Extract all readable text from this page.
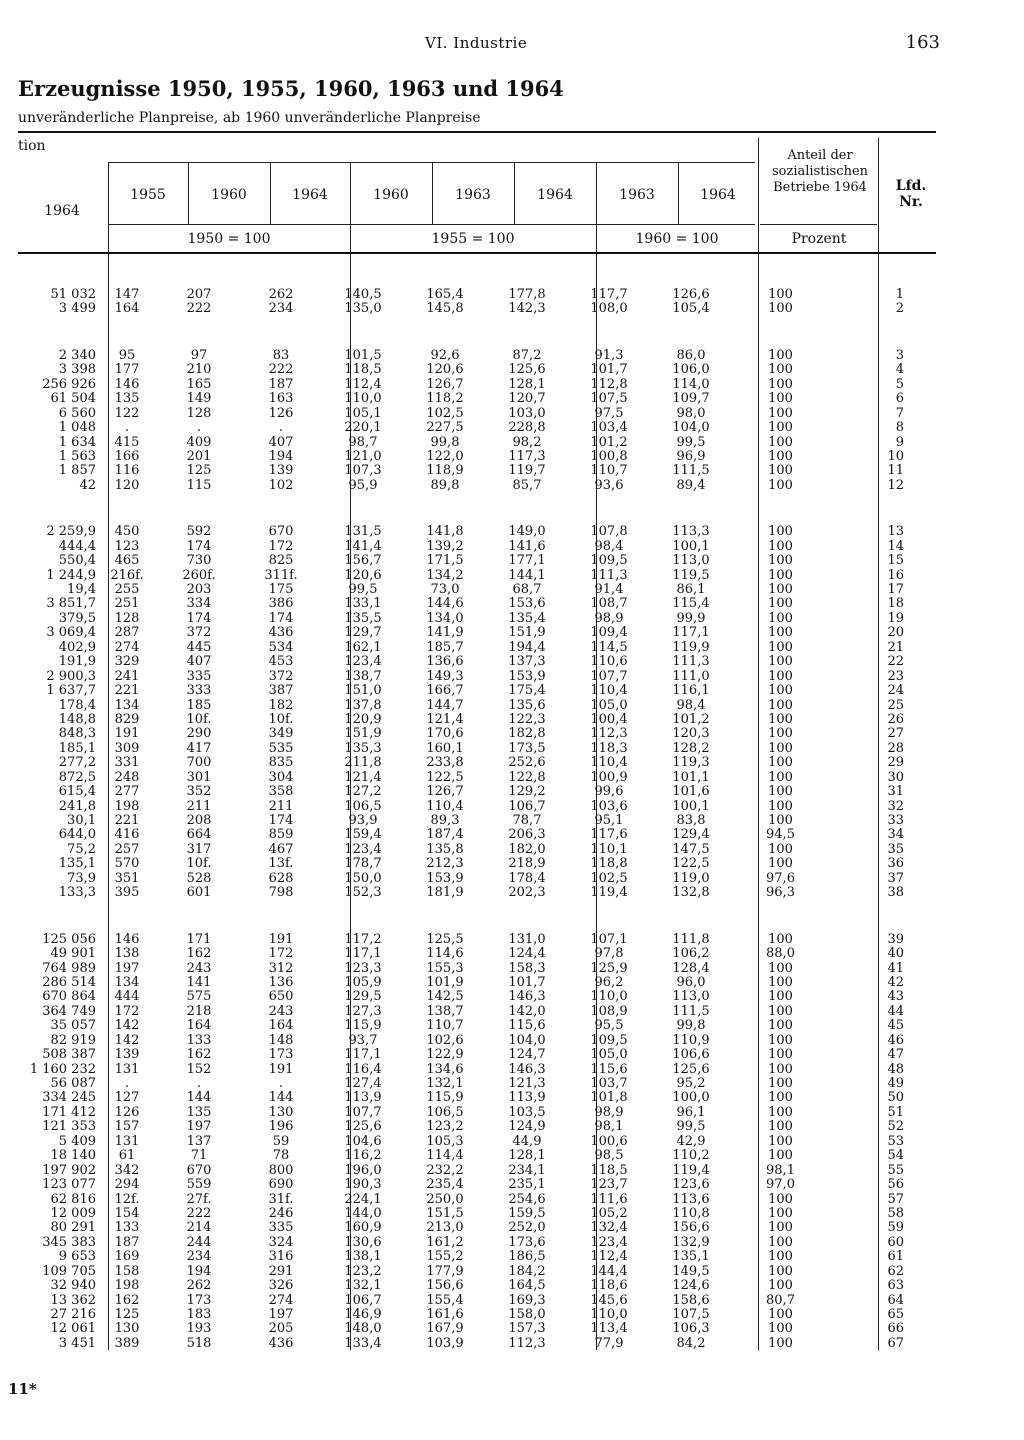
VI. Industrie	163
Erzeugnisse 1950, 1955, 1960, 1963 und 1964
unveränderliche Planpreise, ab 1960 unveränderliche Planpreise
tion
1964
1955	1960	1964	1960	1963	1964	1963	1964
1950 = 100	1955 = 100	1960 = 100
Anteil der sozialistischen Betriebe 1964
Prozent
Lfd. Nr.
51 032	147	207	262	140,5	165,4	177,8	117,7	126,6	100	1
3 499	164	222	234	135,0	145,8	142,3	108,0	105,4	100	2

2 340	95	97	83	101,5	92,6	87,2	91,3	86,0	100	3
3 398	177	210	222	118,5	120,6	125,6	101,7	106,0	100	4
256 926	146	165	187	112,4	126,7	128,1	112,8	114,0	100	5
61 504	135	149	163	110,0	118,2	120,7	107,5	109,7	100	6
6 560	122	128	126	105,1	102,5	103,0	97,5	98,0	100	7
1 048	.	.	.	220,1	227,5	228,8	103,4	104,0	100	8
1 634	415	409	407	98,7	99,8	98,2	101,2	99,5	100	9
1 563	166	201	194	121,0	122,0	117,3	100,8	96,9	100	10
1 857	116	125	139	107,3	118,9	119,7	110,7	111,5	100	11
42	120	115	102	95,9	89,8	85,7	93,6	89,4	100	12

2 259,9	450	592	670	131,5	141,8	149,0	107,8	113,3	100	13
444,4	123	174	172	141,4	139,2	141,6	98,4	100,1	100	14
550,4	465	730	825	156,7	171,5	177,1	109,5	113,0	100	15
1 244,9	216f.	260f.	311f.	120,6	134,2	144,1	111,3	119,5	100	16
19,4	255	203	175	99,5	73,0	68,7	91,4	86,1	100	17
3 851,7	251	334	386	133,1	144,6	153,6	108,7	115,4	100	18
379,5	128	174	174	135,5	134,0	135,4	98,9	99,9	100	19
3 069,4	287	372	436	129,7	141,9	151,9	109,4	117,1	100	20
402,9	274	445	534	162,1	185,7	194,4	114,5	119,9	100	21
191,9	329	407	453	123,4	136,6	137,3	110,6	111,3	100	22
2 900,3	241	335	372	138,7	149,3	153,9	107,7	111,0	100	23
1 637,7	221	333	387	151,0	166,7	175,4	110,4	116,1	100	24
178,4	134	185	182	137,8	144,7	135,6	105,0	98,4	100	25
148,8	829	10f.	10f.	120,9	121,4	122,3	100,4	101,2	100	26
848,3	191	290	349	151,9	170,6	182,8	112,3	120,3	100	27
185,1	309	417	535	135,3	160,1	173,5	118,3	128,2	100	28
277,2	331	700	835	211,8	233,8	252,6	110,4	119,3	100	29
872,5	248	301	304	121,4	122,5	122,8	100,9	101,1	100	30
615,4	277	352	358	127,2	126,7	129,2	99,6	101,6	100	31
241,8	198	211	211	106,5	110,4	106,7	103,6	100,1	100	32
30,1	221	208	174	93,9	89,3	78,7	95,1	83,8	100	33
644,0	416	664	859	159,4	187,4	206,3	117,6	129,4	94,5	34
75,2	257	317	467	123,4	135,8	182,0	110,1	147,5	100	35
135,1	570	10f.	13f.	178,7	212,3	218,9	118,8	122,5	100	36
73,9	351	528	628	150,0	153,9	178,4	102,5	119,0	97,6	37
133,3	395	601	798	152,3	181,9	202,3	119,4	132,8	96,3	38

125 056	146	171	191	117,2	125,5	131,0	107,1	111,8	100	39
49 901	138	162	172	117,1	114,6	124,4	97,8	106,2	88,0	40
764 989	197	243	312	123,3	155,3	158,3	125,9	128,4	100	41
286 514	134	141	136	105,9	101,9	101,7	96,2	96,0	100	42
670 864	444	575	650	129,5	142,5	146,3	110,0	113,0	100	43
364 749	172	218	243	127,3	138,7	142,0	108,9	111,5	100	44
35 057	142	164	164	115,9	110,7	115,6	95,5	99,8	100	45
82 919	142	133	148	93,7	102,6	104,0	109,5	110,9	100	46
508 387	139	162	173	117,1	122,9	124,7	105,0	106,6	100	47
1 160 232	131	152	191	116,4	134,6	146,3	115,6	125,6	100	48
56 087	.	.	.	127,4	132,1	121,3	103,7	95,2	100	49
334 245	127	144	144	113,9	115,9	113,9	101,8	100,0	100	50
171 412	126	135	130	107,7	106,5	103,5	98,9	96,1	100	51
121 353	157	197	196	125,6	123,2	124,9	98,1	99,5	100	52
5 409	131	137	59	104,6	105,3	44,9	100,6	42,9	100	53
18 140	61	71	78	116,2	114,4	128,1	98,5	110,2	100	54
197 902	342	670	800	196,0	232,2	234,1	118,5	119,4	98,1	55
123 077	294	559	690	190,3	235,4	235,1	123,7	123,6	97,0	56
62 816	12f.	27f.	31f.	224,1	250,0	254,6	111,6	113,6	100	57
12 009	154	222	246	144,0	151,5	159,5	105,2	110,8	100	58
80 291	133	214	335	160,9	213,0	252,0	132,4	156,6	100	59
345 383	187	244	324	130,6	161,2	173,6	123,4	132,9	100	60
9 653	169	234	316	138,1	155,2	186,5	112,4	135,1	100	61
109 705	158	194	291	123,2	177,9	184,2	144,4	149,5	100	62
32 940	198	262	326	132,1	156,6	164,5	118,6	124,6	100	63
13 362	162	173	274	106,7	155,4	169,3	145,6	158,6	80,7	64
27 216	125	183	197	146,9	161,6	158,0	110,0	107,5	100	65
12 061	130	193	205	148,0	167,9	157,3	113,4	106,3	100	66
3 451	389	518	436	133,4	103,9	112,3	77,9	84,2	100	67
11*
